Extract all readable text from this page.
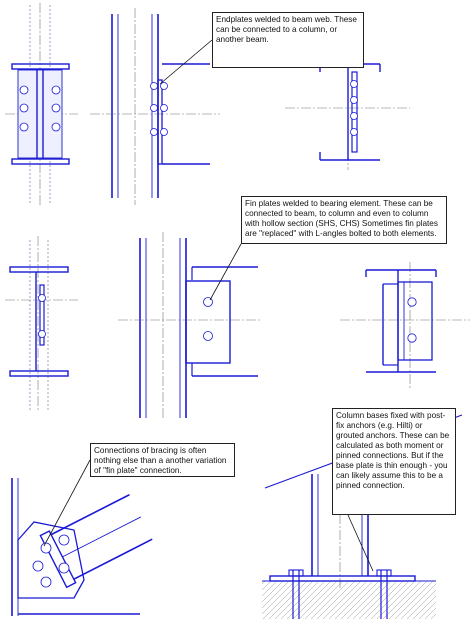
Endplates welded to beam web. These can be connected to a column, or another beam.
Fin plates welded to bearing element. These can be connected to beam, to column and even to column with hollow section (SHS, CHS) Sometimes fin plates are "replaced" with L-angles bolted to both elements.
Connections of bracing is often nothing else than a another variation of "fin plate" connection.
Column bases fixed with post-fix anchors (e.g. Hilti) or grouted anchors. These can be calculated as both moment or pinned connections. But if the base plate is thin enough - you can likely assume this to be a pinned connection.
